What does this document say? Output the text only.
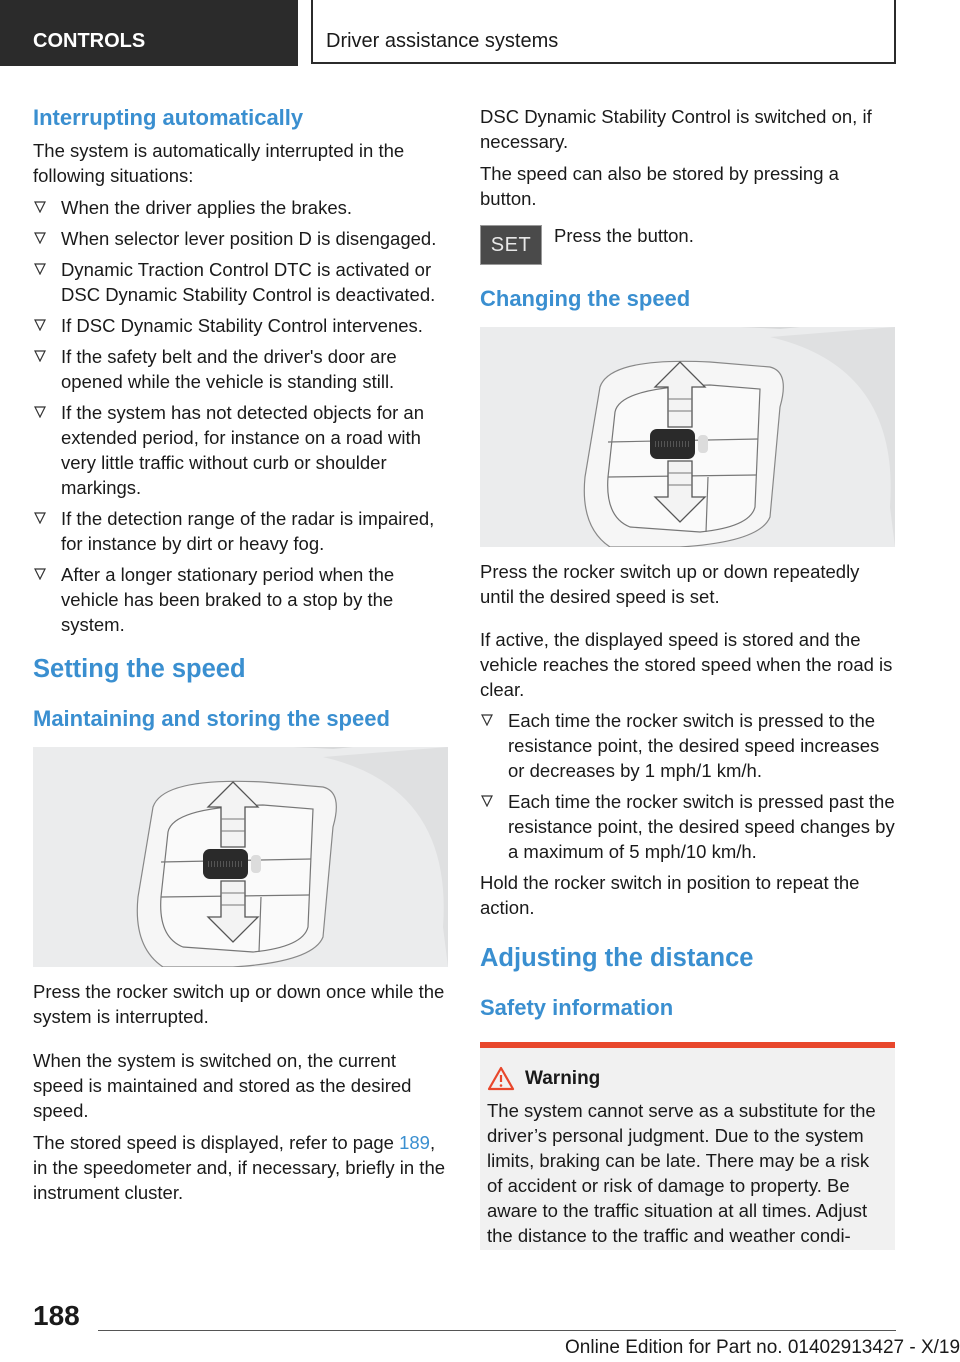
CONTROLS	Driver assistance systems
Interrupting automatically

The system is automatically interrupted in the following situations:

When the driver applies the brakes.
When selector lever position D is disengaged.
Dynamic Traction Control DTC is activated or DSC Dynamic Stability Control is deactivated.
If DSC Dynamic Stability Control intervenes.
If the safety belt and the driver's door are opened while the vehicle is standing still.
If the system has not detected objects for an extended period, for instance on a road with very little traffic without curb or shoulder markings.
If the detection range of the radar is impaired, for instance by dirt or heavy fog.
After a longer stationary period when the vehicle has been braked to a stop by the system.
Setting the speed
Maintaining and storing the speed

Press the rocker switch up or down once while the system is interrupted.

When the system is switched on, the current speed is maintained and stored as the desired speed.

The stored speed is displayed, refer to page 189, in the speedometer and, if necessary, briefly in the instrument cluster.

DSC Dynamic Stability Control is switched on, if necessary.

The speed can also be stored by pressing a button.

SET	Press the button.
Changing the speed

Press the rocker switch up or down repeatedly until the desired speed is set.

If active, the displayed speed is stored and the vehicle reaches the stored speed when the road is clear.

Each time the rocker switch is pressed to the resistance point, the desired speed increases or decreases by 1 mph/1 km/h.
Each time the rocker switch is pressed past the resistance point, the desired speed changes by a maximum of 5 mph/10 km/h.

Hold the rocker switch in position to repeat the action.

Adjusting the distance
Safety information
Warning
The system cannot serve as a substitute for the driver’s personal judgment. Due to the system limits, braking can be late. There may be a risk of accident or risk of damage to property. Be aware to the traffic situation at all times. Adjust the distance to the traffic and weather condi-
188
Online Edition for Part no. 01402913427 - X/19
